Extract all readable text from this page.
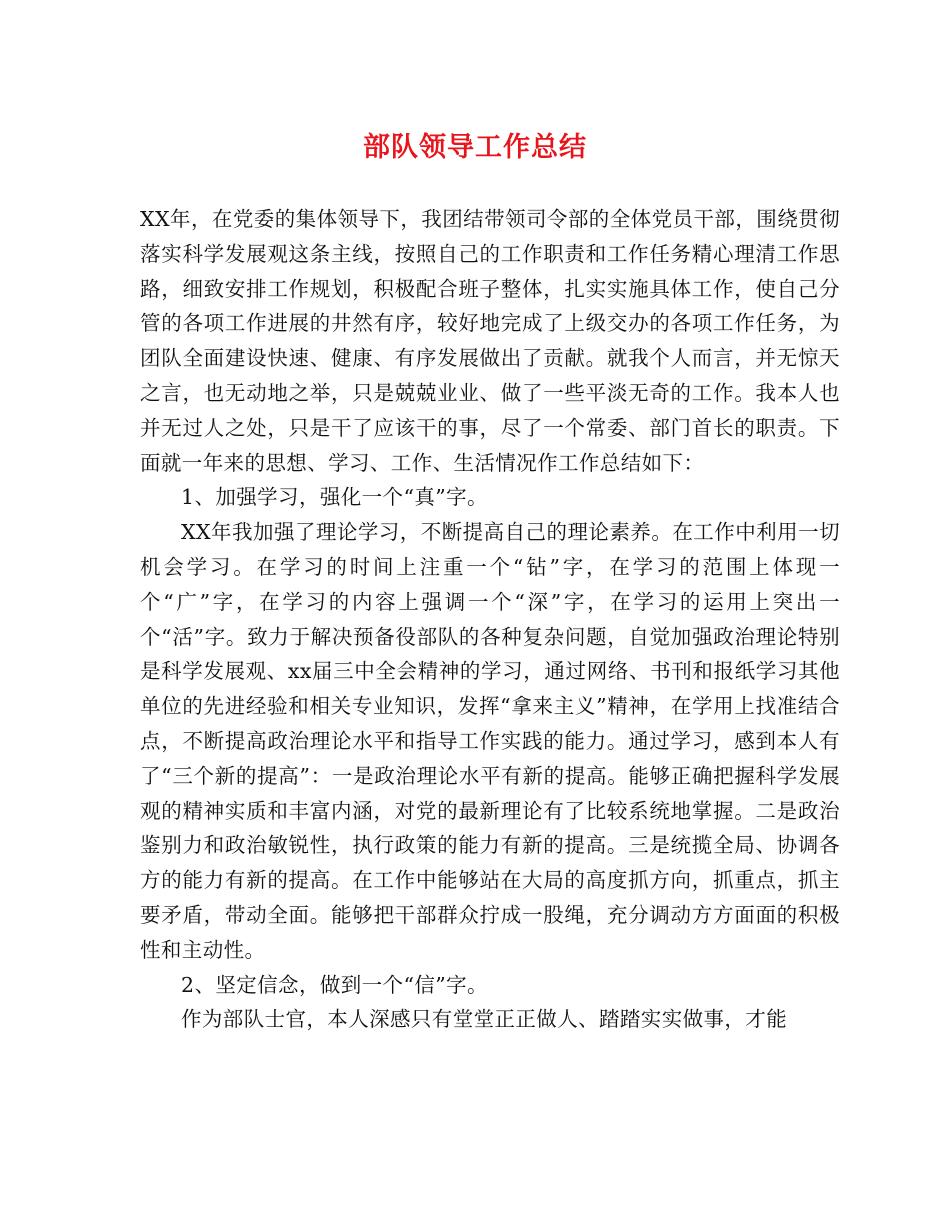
部队领导工作总结

XX年，在党委的集体领导下，我团结带领司令部的全体党员干部，围绕贯彻落实科学发展观这条主线，按照自己的工作职责和工作任务精心理清工作思路，细致安排工作规划，积极配合班子整体，扎实实施具体工作，使自己分管的各项工作进展的井然有序，较好地完成了上级交办的各项工作任务，为团队全面建设快速、健康、有序发展做出了贡献。就我个人而言，并无惊天之言，也无动地之举，只是兢兢业业、做了一些平淡无奇的工作。我本人也并无过人之处，只是干了应该干的事，尽了一个常委、部门首长的职责。下面就一年来的思想、学习、工作、生活情况作工作总结如下：

1、加强学习，强化一个“真”字。

XX年我加强了理论学习，不断提高自己的理论素养。在工作中利用一切机会学习。在学习的时间上注重一个“钻”字，在学习的范围上体现一个“广”字，在学习的内容上强调一个“深”字，在学习的运用上突出一个“活”字。致力于解决预备役部队的各种复杂问题，自觉加强政治理论特别是科学发展观、xx届三中全会精神的学习，通过网络、书刊和报纸学习其他单位的先进经验和相关专业知识，发挥“拿来主义”精神，在学用上找准结合点，不断提高政治理论水平和指导工作实践的能力。通过学习，感到本人有了“三个新的提高”：一是政治理论水平有新的提高。能够正确把握科学发展观的精神实质和丰富内涵，对党的最新理论有了比较系统地掌握。二是政治鉴别力和政治敏锐性，执行政策的能力有新的提高。三是统揽全局、协调各方的能力有新的提高。在工作中能够站在大局的高度抓方向，抓重点，抓主要矛盾，带动全面。能够把干部群众拧成一股绳，充分调动方方面面的积极性和主动性。

2、坚定信念，做到一个“信”字。

作为部队士官，本人深感只有堂堂正正做人、踏踏实实做事，才能
